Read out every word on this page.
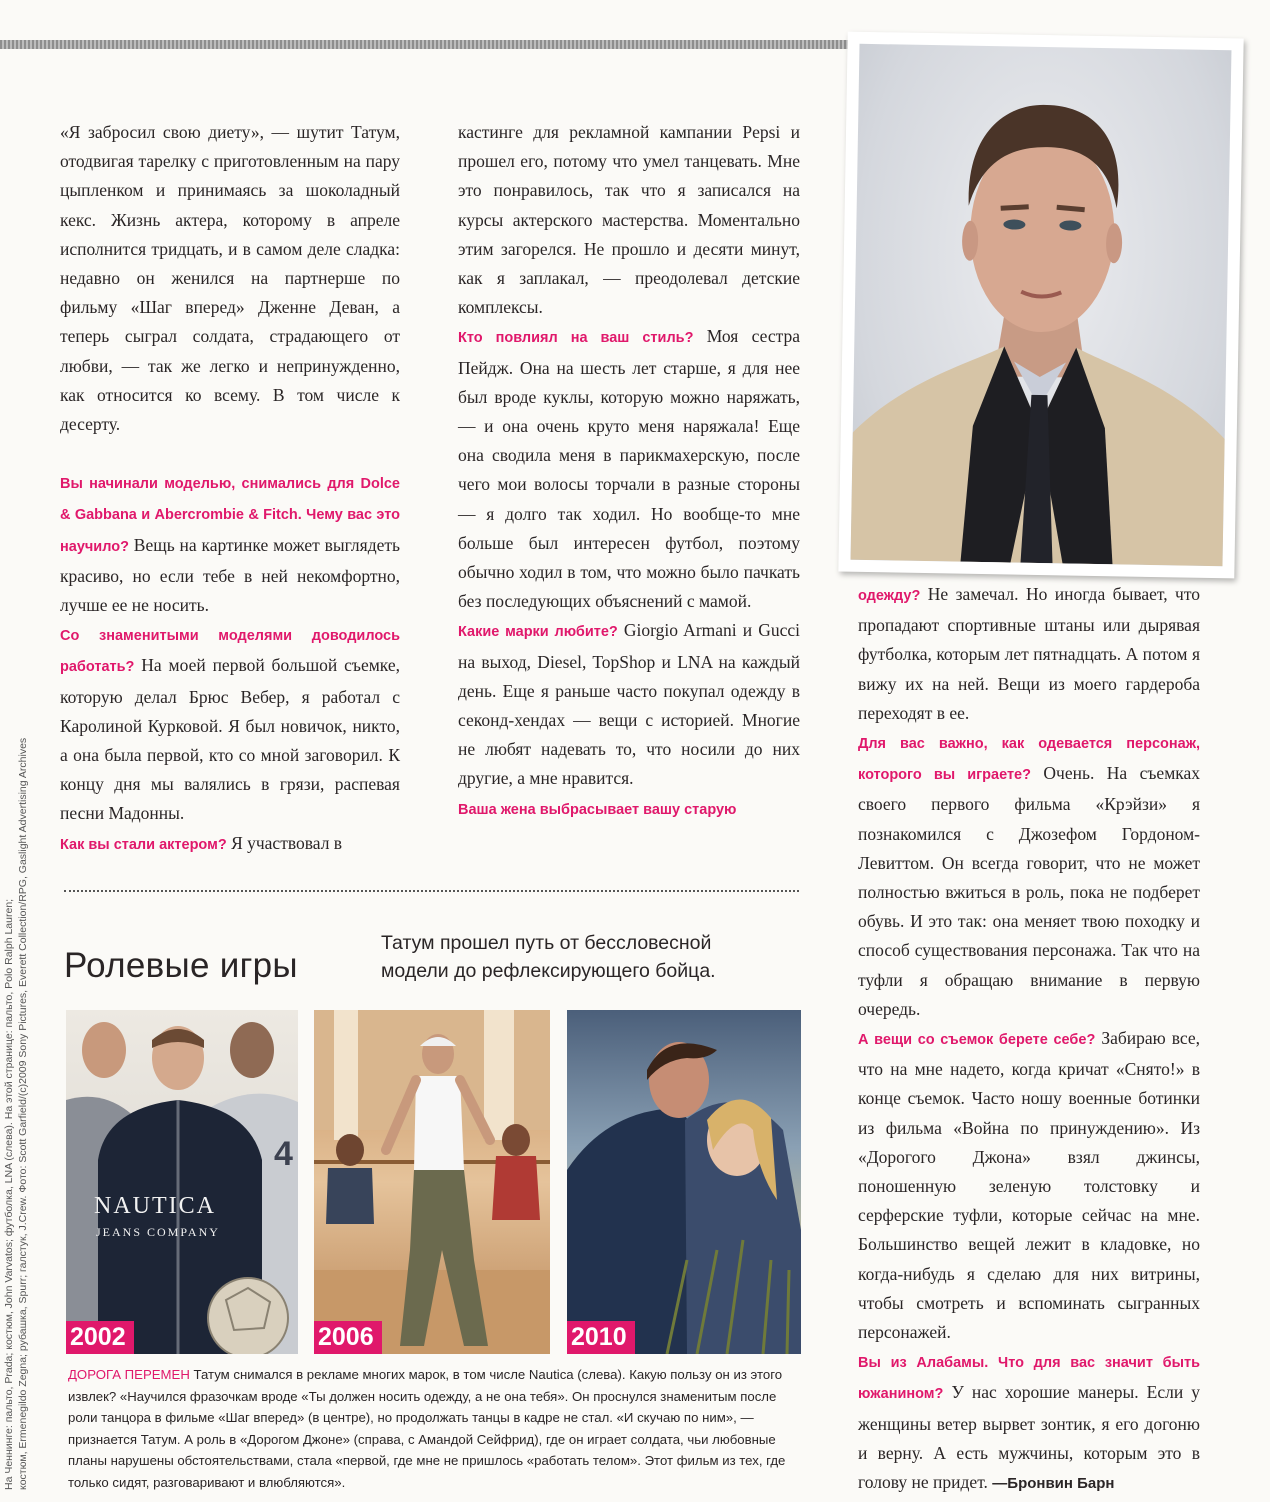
На Ченнинге: пальто, Prada; костюм, John Varvatos; футболка, LNA (слева). На этой странице: пальто, Polo Ralph Lauren; костюм, Ermenegildo Zegna; рубашка, Spurr; галстук, J.Crew. Фото: Scott Garfield/(c)2009 Sony Pictures, Everett Collection/RPG, Gaslight Advertising Archives

«Я забросил свою диету», — шутит Татум, отодвигая тарелку с приготовленным на пару цыпленком и принимаясь за шоколадный кекс. Жизнь актера, которому в апреле исполнится тридцать, и в самом деле сладка: недавно он женился на партнерше по фильму «Шаг вперед» Дженне Деван, а теперь сыграл солдата, страдающего от любви, — так же легко и непринужденно, как относится ко всему. В том числе к десерту.

Вы начинали моделью, снимались для Dolce & Gabbana и Abercrombie & Fitch. Чему вас это научило? Вещь на картинке может выглядеть красиво, но если тебе в ней некомфортно, лучше ее не носить.

Со знаменитыми моделями доводилось работать? На моей первой большой съемке, которую делал Брюс Вебер, я работал с Каролиной Курковой. Я был новичок, никто, а она была первой, кто со мной заговорил. К концу дня мы валялись в грязи, распевая песни Мадонны.

Как вы стали актером? Я участвовал в

кастинге для рекламной кампании Pepsi и прошел его, потому что умел танцевать. Мне это понравилось, так что я записался на курсы актерского мастерства. Моментально этим загорелся. Не прошло и десяти минут, как я заплакал, — преодолевал детские комплексы.

Кто повлиял на ваш стиль? Моя сестра Пейдж. Она на шесть лет старше, я для нее был вроде куклы, которую можно наряжать, — и она очень круто меня наряжала! Еще она сводила меня в парикмахерскую, после чего мои волосы торчали в разные стороны — я долго так ходил. Но вообще-то мне больше был интересен футбол, поэтому обычно ходил в том, что можно было пачкать без последующих объяснений с мамой.

Какие марки любите? Giorgio Armani и Gucci на выход, Diesel, TopShop и LNA на каждый день. Еще я раньше часто покупал одежду в секонд-хендах — вещи с историей. Многие не любят надевать то, что носили до них другие, а мне нравится.

Ваша жена выбрасывает вашу старую

одежду? Не замечал. Но иногда бывает, что пропадают спортивные штаны или дырявая футболка, которым лет пятнадцать. А потом я вижу их на ней. Вещи из моего гардероба переходят в ее.

Для вас важно, как одевается персонаж, которого вы играете? Очень. На съемках своего первого фильма «Крэйзи» я познакомился с Джозефом Гордоном-Левиттом. Он всегда говорит, что не может полностью вжиться в роль, пока не подберет обувь. И это так: она меняет твою походку и способ существования персонажа. Так что на туфли я обращаю внимание в первую очередь.

А вещи со съемок берете себе? Забираю все, что на мне надето, когда кричат «Снято!» в конце съемок. Часто ношу военные ботинки из фильма «Война по принуждению». Из «Дорогого Джона» взял джинсы, поношенную зеленую толстовку и серферские туфли, которые сейчас на мне. Большинство вещей лежит в кладовке, но когда-нибудь я сделаю для них витрины, чтобы смотреть и вспоминать сыгранных персонажей.

Вы из Алабамы. Что для вас значит быть южанином? У нас хорошие манеры. Если у женщины ветер вырвет зонтик, я его догоню и верну. А есть мужчины, которым это в голову не придет. —Бронвин Барн

Ролевые игры
Татум прошел путь от бессловесной модели до рефлексирующего бойца.
4
NAUTICA
JEANS COMPANY
2002	2006	2010
ДОРОГА ПЕРЕМЕН Татум снимался в рекламе многих марок, в том числе Nautica (слева). Какую пользу он из этого извлек? «Научился фразочкам вроде «Ты должен носить одежду, а не она тебя». Он проснулся знаменитым после роли танцора в фильме «Шаг вперед» (в центре), но продолжать танцы в кадре не стал. «И скучаю по ним», — признается Татум. А роль в «Дорогом Джоне» (справа, с Амандой Сейфрид), где он играет солдата, чьи любовные планы нарушены обстоятельствами, стала «первой, где мне не пришлось «работать телом». Этот фильм из тех, где только сидят, разговаривают и влюбляются».
